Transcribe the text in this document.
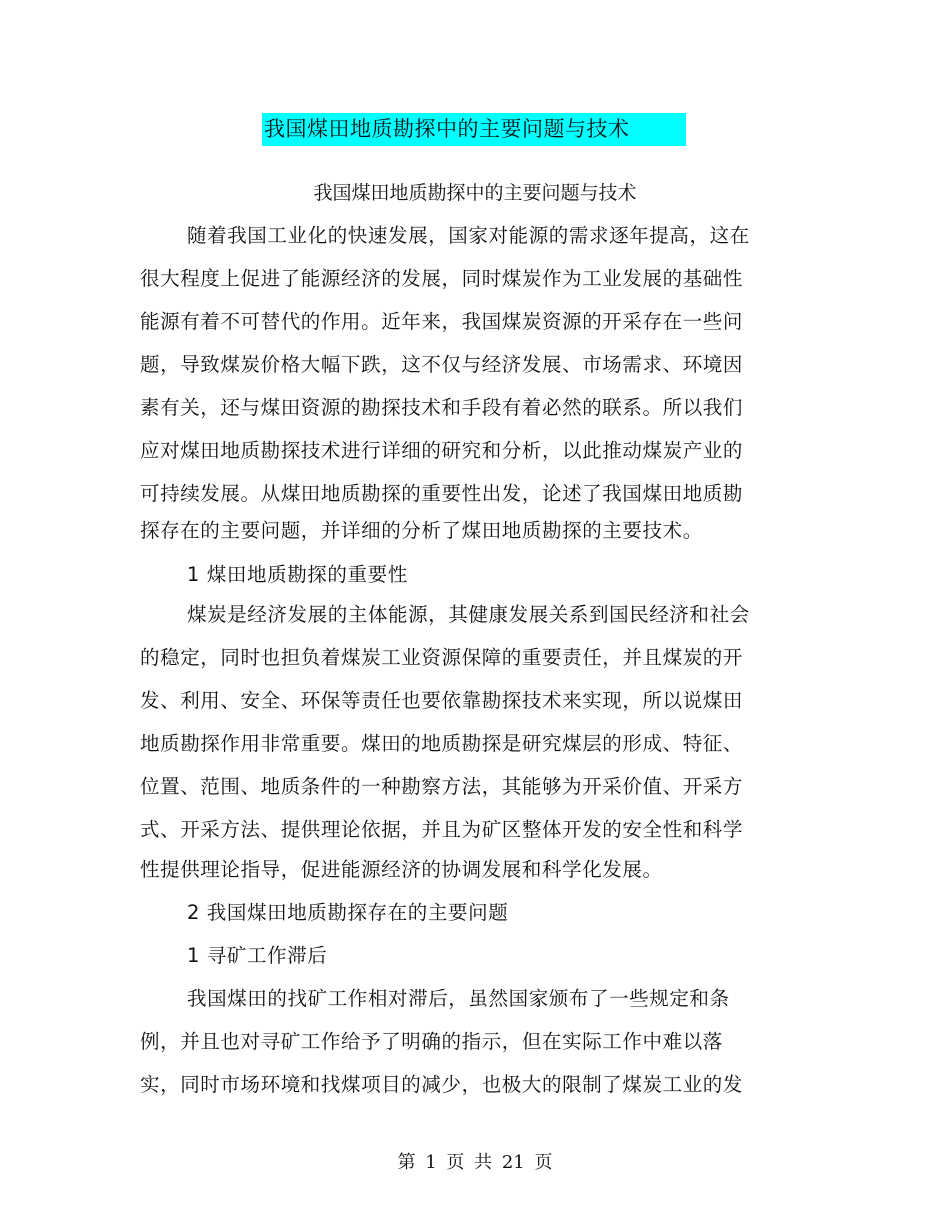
我国煤田地质勘探中的主要问题与技术
我国煤田地质勘探中的主要问题与技术
随着我国工业化的快速发展，国家对能源的需求逐年提高，这在
很大程度上促进了能源经济的发展，同时煤炭作为工业发展的基础性
能源有着不可替代的作用。近年来，我国煤炭资源的开采存在一些问
题，导致煤炭价格大幅下跌，这不仅与经济发展、市场需求、环境因
素有关，还与煤田资源的勘探技术和手段有着必然的联系。所以我们
应对煤田地质勘探技术进行详细的研究和分析，以此推动煤炭产业的
可持续发展。从煤田地质勘探的重要性出发，论述了我国煤田地质勘
探存在的主要问题，并详细的分析了煤田地质勘探的主要技术。
1 煤田地质勘探的重要性
煤炭是经济发展的主体能源，其健康发展关系到国民经济和社会
的稳定，同时也担负着煤炭工业资源保障的重要责任，并且煤炭的开
发、利用、安全、环保等责任也要依靠勘探技术来实现，所以说煤田
地质勘探作用非常重要。煤田的地质勘探是研究煤层的形成、特征、
位置、范围、地质条件的一种勘察方法，其能够为开采价值、开采方
式、开采方法、提供理论依据，并且为矿区整体开发的安全性和科学
性提供理论指导，促进能源经济的协调发展和科学化发展。
2 我国煤田地质勘探存在的主要问题
1 寻矿工作滞后
我国煤田的找矿工作相对滞后，虽然国家颁布了一些规定和条
例，并且也对寻矿工作给予了明确的指示，但在实际工作中难以落
实，同时市场环境和找煤项目的减少，也极大的限制了煤炭工业的发
第 1 页 共 21 页
